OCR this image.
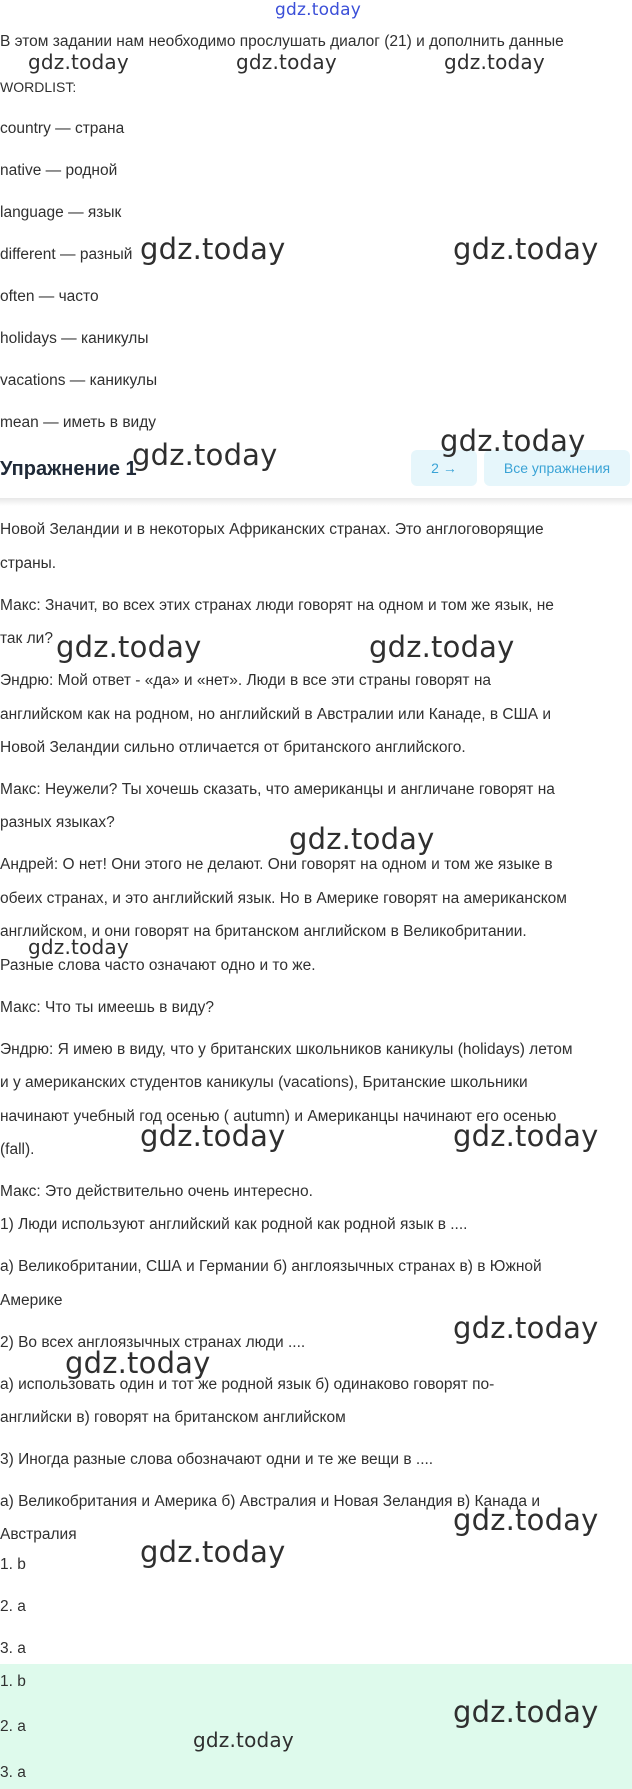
В этом задании нам необходимо прослушать диалог (21) и дополнить данные
WORDLIST:
country — страна
native — родной
language — язык
different — разный
often — часто
holidays — каникулы
vacations — каникулы
mean — иметь в виду
Упражнение 1	2 →	Все упражнения
Новой Зеландии и в некоторых Африканских странах. Это англоговорящие
страны.
Макс: Значит, во всех этих странах люди говорят на одном и том же язык, не
так ли?
Эндрю: Мой ответ - «да» и «нет». Люди в все эти страны говорят на
английском как на родном, но английский в Австралии или Канаде, в США и
Новой Зеландии сильно отличается от британского английского.
Макс: Неужели? Ты хочешь сказать, что американцы и англичане говорят на
разных языках?
Андрей: О нет! Они этого не делают. Они говорят на одном и том же языке в
обеих странах, и это английский язык. Но в Америке говорят на американском
английском, и они говорят на британском английском в Великобритании.
Разные слова часто означают одно и то же.
Макс: Что ты имеешь в виду?
Эндрю: Я имею в виду, что у британских школьников каникулы (holidays) летом
и у американских студентов каникулы (vacations), Британские школьники
начинают учебный год осенью ( autumn) и Американцы начинают его осенью
(fall).
Макс: Это действительно очень интересно.
1) Люди используют английский как родной как родной язык в ....
а) Великобритании, США и Германии б) англоязычных странах в) в Южной
Америке
2) Во всех англоязычных странах люди ....
а) использовать один и тот же родной язык б) одинаково говорят по-
английски в) говорят на британском английском
3) Иногда разные слова обозначают одни и те же вещи в ....
а) Великобритания и Америка б) Австралия и Новая Зеландия в) Канада и
Австралия
1. b
2. a
3. a
1. b
2. a
3. a
gdz.today
gdz.today	gdz.today	gdz.today
gdz.today	gdz.today
gdz.today
gdz.today
gdz.today	gdz.today
gdz.today
gdz.today
gdz.today	gdz.today
gdz.today
gdz.today
gdz.today
gdz.today
gdz.today
gdz.today
